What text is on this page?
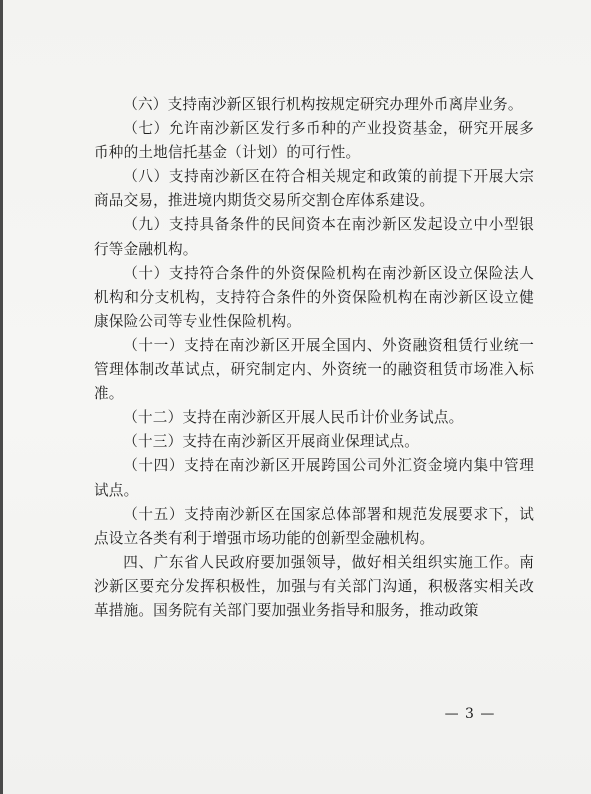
（六）支持南沙新区银行机构按规定研究办理外币离岸业务。

（七）允许南沙新区发行多币种的产业投资基金，研究开展多币种的土地信托基金（计划）的可行性。

（八）支持南沙新区在符合相关规定和政策的前提下开展大宗商品交易，推进境内期货交易所交割仓库体系建设。

（九）支持具备条件的民间资本在南沙新区发起设立中小型银行等金融机构。

（十）支持符合条件的外资保险机构在南沙新区设立保险法人机构和分支机构，支持符合条件的外资保险机构在南沙新区设立健康保险公司等专业性保险机构。

（十一）支持在南沙新区开展全国内、外资融资租赁行业统一管理体制改革试点，研究制定内、外资统一的融资租赁市场准入标准。

（十二）支持在南沙新区开展人民币计价业务试点。

（十三）支持在南沙新区开展商业保理试点。

（十四）支持在南沙新区开展跨国公司外汇资金境内集中管理试点。

（十五）支持南沙新区在国家总体部署和规范发展要求下，试点设立各类有利于增强市场功能的创新型金融机构。

四、广东省人民政府要加强领导，做好相关组织实施工作。南沙新区要充分发挥积极性，加强与有关部门沟通，积极落实相关改革措施。国务院有关部门要加强业务指导和服务，推动政策

— 3 —
